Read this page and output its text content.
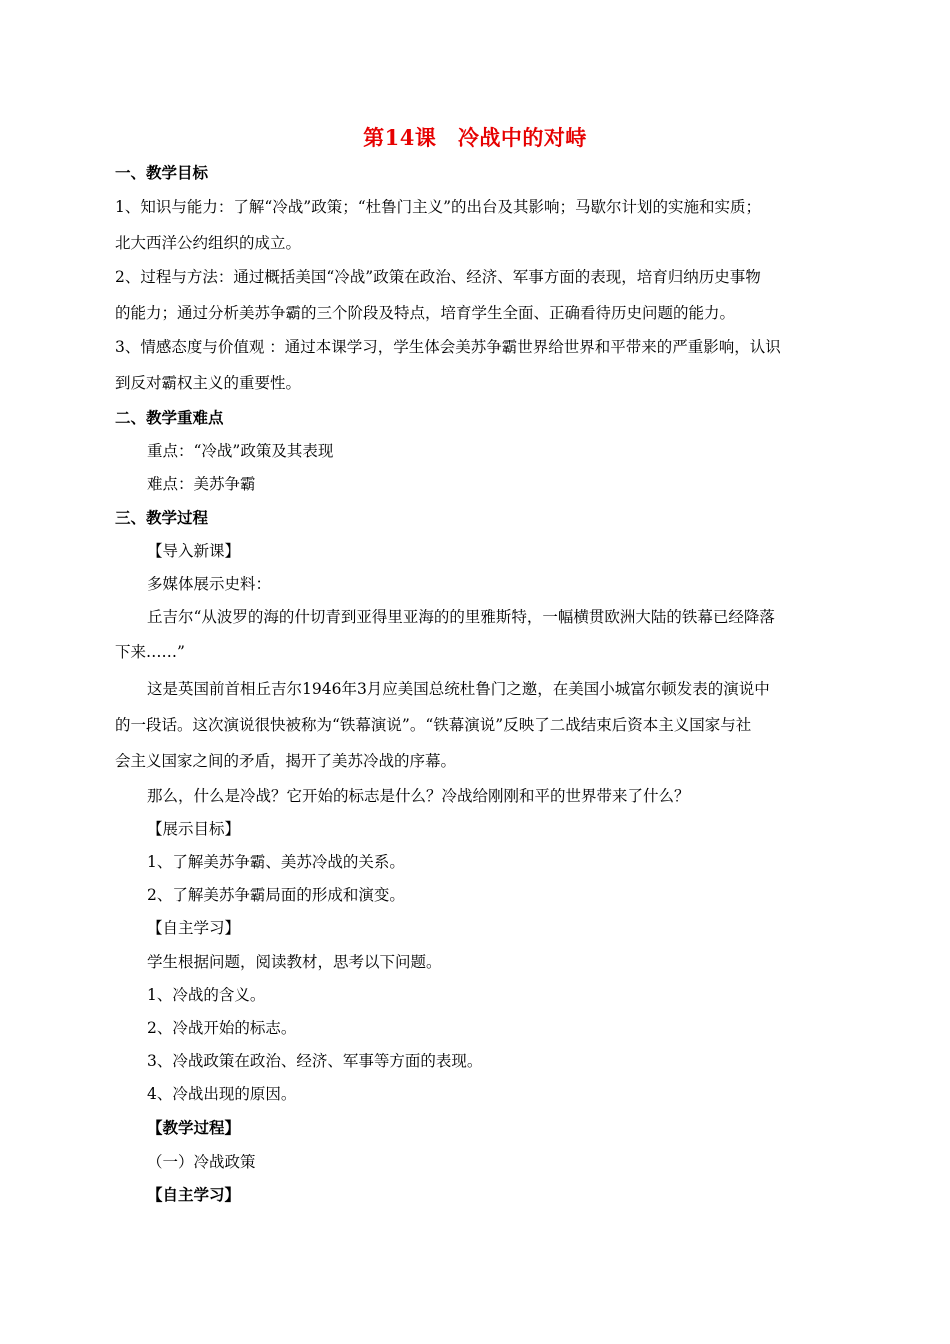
第14课　冷战中的对峙
一、教学目标
1、知识与能力：了解“冷战”政策；“杜鲁门主义”的出台及其影响；马歇尔计划的实施和实质；
北大西洋公约组织的成立。
2、过程与方法：通过概括美国“冷战”政策在政治、经济、军事方面的表现，培育归纳历史事物
的能力；通过分析美苏争霸的三个阶段及特点，培育学生全面、正确看待历史问题的能力。
3、情感态度与价值观 ：通过本课学习，学生体会美苏争霸世界给世界和平带来的严重影响，认识
到反对霸权主义的重要性。
二、教学重难点
重点：“冷战”政策及其表现
难点：美苏争霸
三、教学过程
【导入新课】
多媒体展示史料：
丘吉尔“从波罗的海的什切青到亚得里亚海的的里雅斯特，一幅横贯欧洲大陆的铁幕已经降落
下来……”
这是英国前首相丘吉尔1946年3月应美国总统杜鲁门之邀，在美国小城富尔顿发表的演说中
的一段话。这次演说很快被称为“铁幕演说”。“铁幕演说”反映了二战结束后资本主义国家与社
会主义国家之间的矛盾，揭开了美苏冷战的序幕。
那么，什么是冷战？它开始的标志是什么？冷战给刚刚和平的世界带来了什么？
【展示目标】
1、了解美苏争霸、美苏冷战的关系。
2、了解美苏争霸局面的形成和演变。
【自主学习】
学生根据问题，阅读教材，思考以下问题。
1、冷战的含义。
2、冷战开始的标志。
3、冷战政策在政治、经济、军事等方面的表现。
4、冷战出现的原因。
【教学过程】
（一）冷战政策
【自主学习】
